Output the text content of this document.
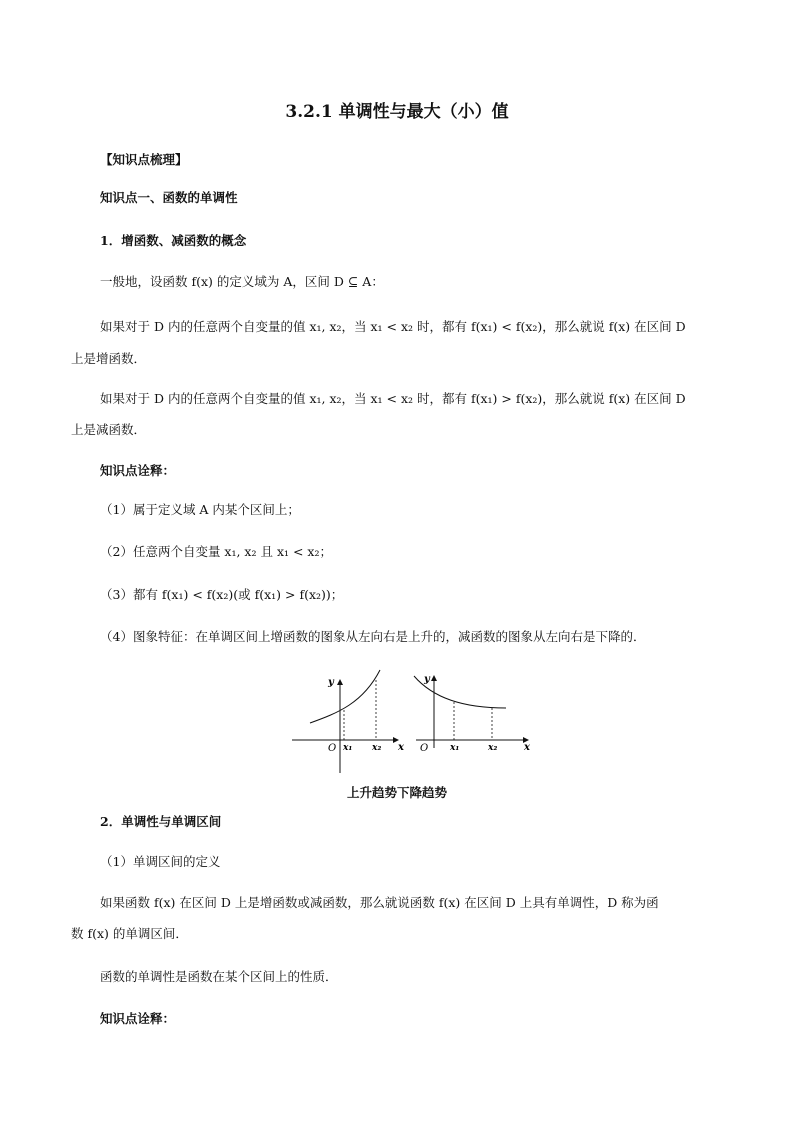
3.2.1 单调性与最大（小）值
【知识点梳理】
知识点一、函数的单调性
1．增函数、减函数的概念
一般地，设函数 f(x) 的定义域为 A，区间 D ⊆ A：
如果对于 D 内的任意两个自变量的值 x₁, x₂，当 x₁ < x₂ 时，都有 f(x₁) < f(x₂)，那么就说 f(x) 在区间 D
上是增函数．
如果对于 D 内的任意两个自变量的值 x₁, x₂，当 x₁ < x₂ 时，都有 f(x₁) > f(x₂)，那么就说 f(x) 在区间 D
上是减函数．
知识点诠释：
（1）属于定义域 A 内某个区间上；
（2）任意两个自变量 x₁, x₂ 且 x₁ < x₂；
（3）都有 f(x₁) < f(x₂)(或 f(x₁) > f(x₂))；
（4）图象特征：在单调区间上增函数的图象从左向右是上升的，减函数的图象从左向右是下降的．
y
x
O x₁ x₂
y
x
O x₁	x₂
上升趋势下降趋势
2．单调性与单调区间
（1）单调区间的定义
如果函数 f(x) 在区间 D 上是增函数或减函数，那么就说函数 f(x) 在区间 D 上具有单调性，D 称为函
数 f(x) 的单调区间．
函数的单调性是函数在某个区间上的性质．
知识点诠释：
